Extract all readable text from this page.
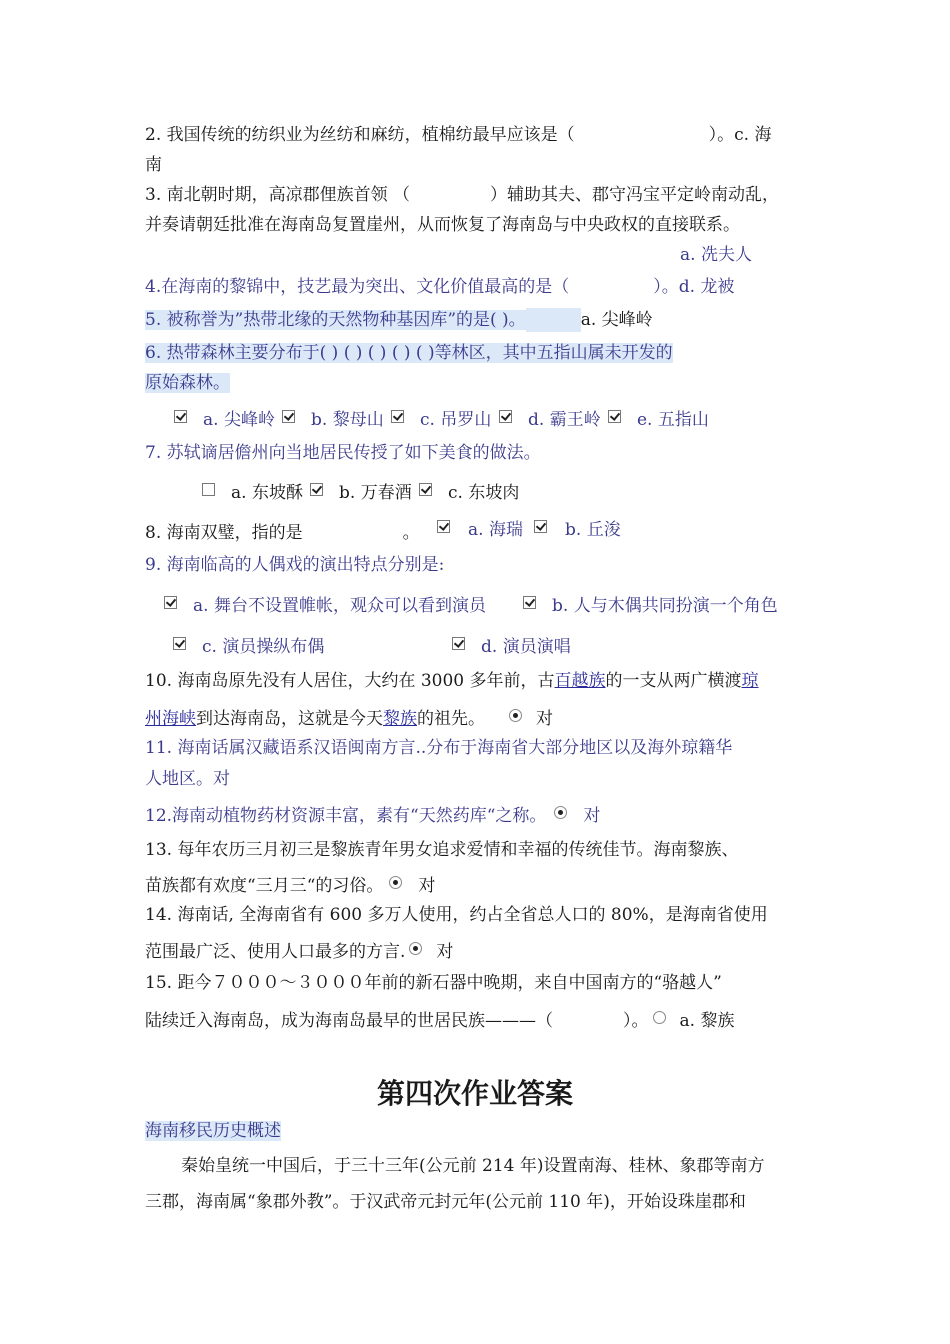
2. 我国传统的纺织业为丝纺和麻纺，植棉纺最早应该是（	）。c. 海
南
3. 南北朝时期，高凉郡俚族首领 （	）辅助其夫、郡守冯宝平定岭南动乱，
并奏请朝廷批准在海南岛复置崖州，从而恢复了海南岛与中央政权的直接联系。
a. 冼夫人
4.在海南的黎锦中，技艺最为突出、文化价值最高的是（	）。d. 龙被
5. 被称誉为”热带北缘的天然物种基因库”的是( )。	a. 尖峰岭
6. 热带森林主要分布于( ) ( ) ( ) ( ) ( )等林区，其中五指山属未开发的
原始森林。
a. 尖峰岭	b. 黎母山	c. 吊罗山	d. 霸王岭	e. 五指山
7. 苏轼谪居儋州向当地居民传授了如下美食的做法。
a. 东坡酥	b. 万春酒	c. 东坡肉
8. 海南双璧，指的是	。	a. 海瑞	b. 丘浚
9. 海南临高的人偶戏的演出特点分别是:
a. 舞台不设置帷帐，观众可以看到演员	b. 人与木偶共同扮演一个角色
c. 演员操纵布偶	d. 演员演唱
10. 海南岛原先没有人居住，大约在 3000 多年前，古百越族的一支从两广横渡琼
州海峡到达海南岛，这就是今天黎族的祖先。	对
11. 海南话属汉藏语系汉语闽南方言..分布于海南省大部分地区以及海外琼籍华
人地区。对
12.海南动植物药材资源丰富，素有“天然药库“之称。 对
13. 每年农历三月初三是黎族青年男女追求爱情和幸福的传统佳节。海南黎族、
苗族都有欢度“三月三“的习俗。 对
14. 海南话, 全海南省有 600 多万人使用，约占全省总人口的 80%，是海南省使用
范围最广泛、使用人口最多的方言. 对
15. 距今７０００～３０００年前的新石器中晚期，来自中国南方的“骆越人”
陆续迁入海南岛，成为海南岛最早的世居民族———（	）。 a. 黎族
第四次作业答案
海南移民历史概述
秦始皇统一中国后，于三十三年(公元前 214 年)设置南海、桂林、象郡等南方
三郡，海南属“象郡外教”。于汉武帝元封元年(公元前 110 年)，开始设珠崖郡和
